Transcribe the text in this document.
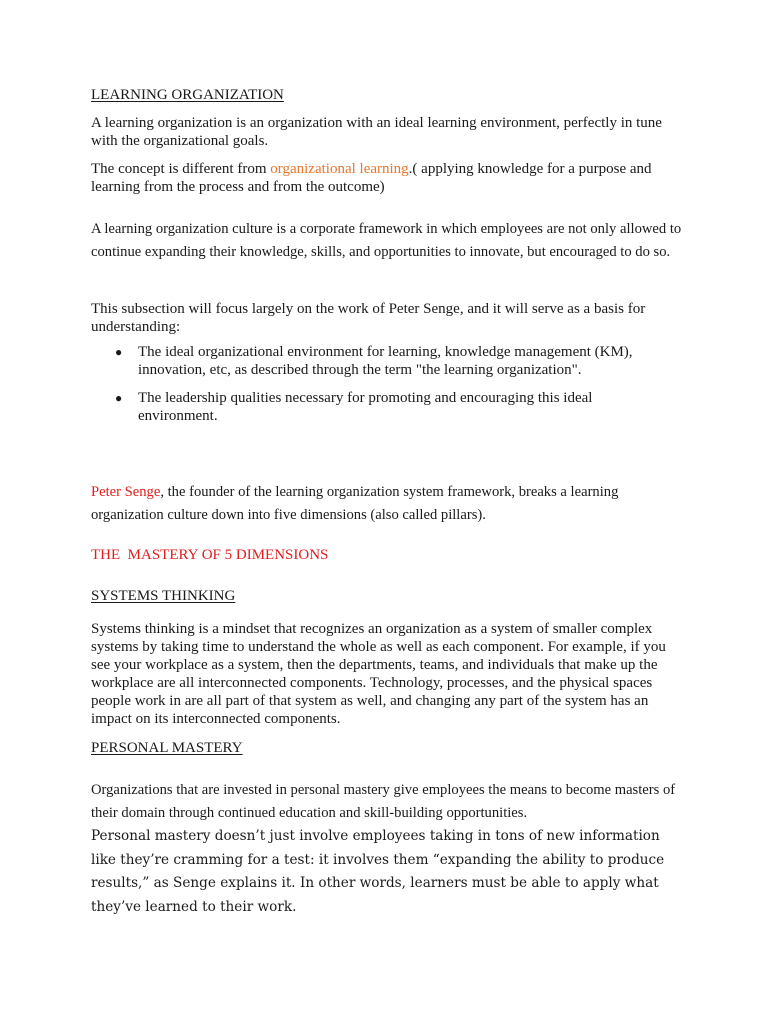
LEARNING ORGANIZATION

A learning organization is an organization with an ideal learning environment, perfectly in tune with the organizational goals.

The concept is different from organizational learning.( applying knowledge for a purpose and learning from the process and from the outcome)

A learning organization culture is a corporate framework in which employees are not only allowed to continue expanding their knowledge, skills, and opportunities to innovate, but encouraged to do so.

This subsection will focus largely on the work of Peter Senge, and it will serve as a basis for understanding:

● The ideal organizational environment for learning, knowledge management (KM), innovation, etc, as described through the term "the learning organization".
● The leadership qualities necessary for promoting and encouraging this ideal environment.

Peter Senge, the founder of the learning organization system framework, breaks a learning organization culture down into five dimensions (also called pillars).

THE  MASTERY OF 5 DIMENSIONS

SYSTEMS THINKING

Systems thinking is a mindset that recognizes an organization as a system of smaller complex systems by taking time to understand the whole as well as each component. For example, if you see your workplace as a system, then the departments, teams, and individuals that make up the workplace are all interconnected components. Technology, processes, and the physical spaces people work in are all part of that system as well, and changing any part of the system has an impact on its interconnected components.

PERSONAL MASTERY

Organizations that are invested in personal mastery give employees the means to become masters of their domain through continued education and skill-building opportunities.

Personal mastery doesn’t just involve employees taking in tons of new information like they’re cramming for a test: it involves them “expanding the ability to produce results,” as Senge explains it. In other words, learners must be able to apply what they’ve learned to their work.
